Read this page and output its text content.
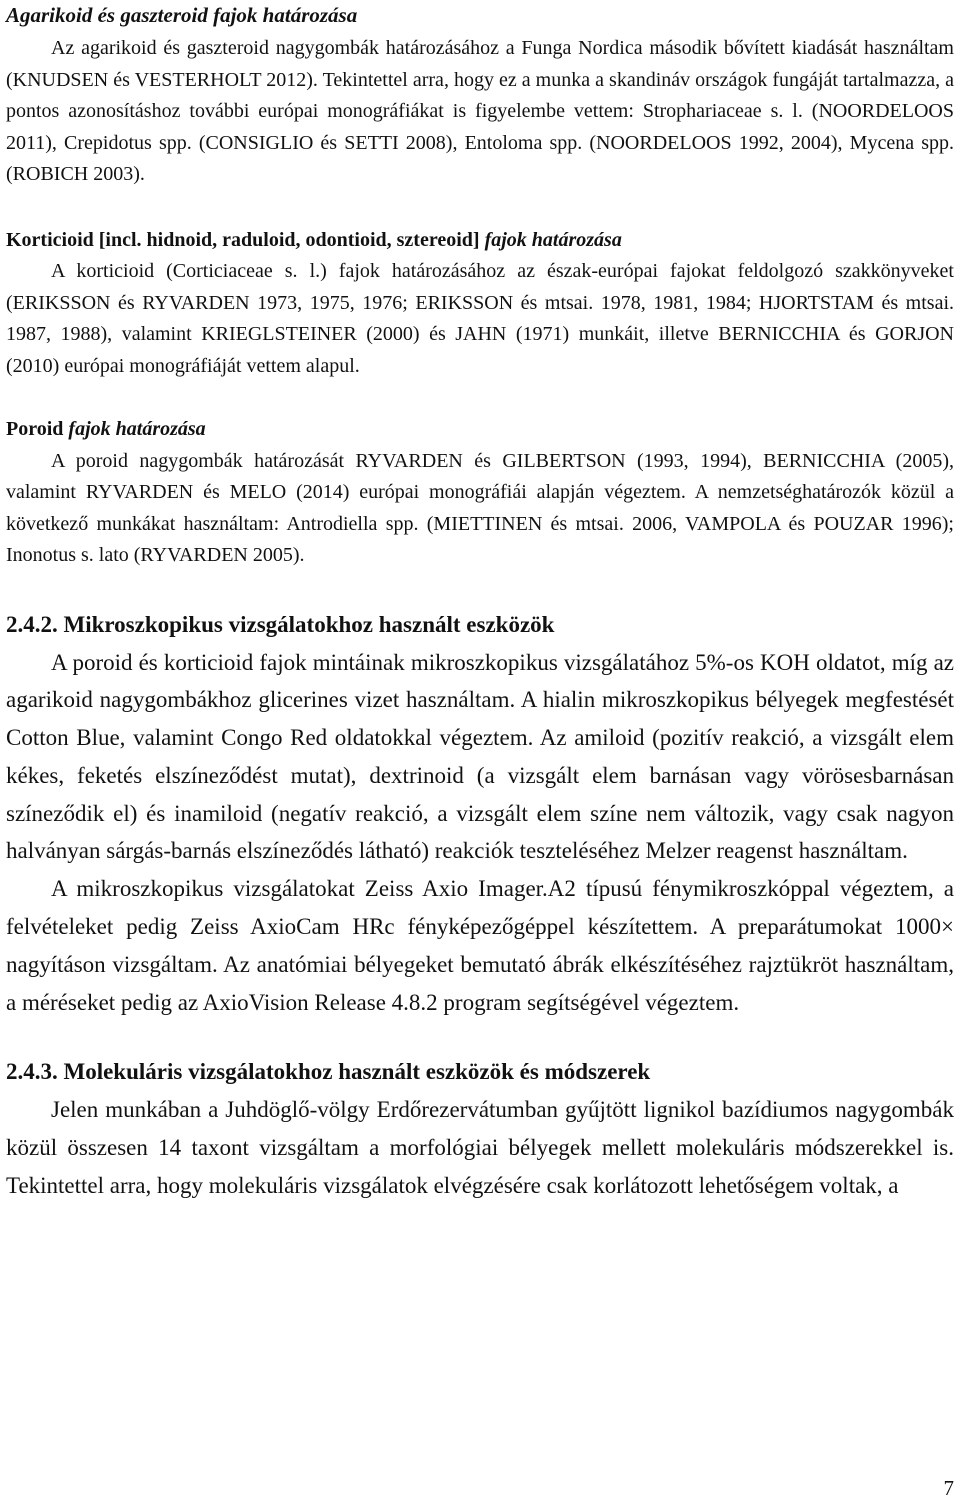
Agarikoid és gaszteroid fajok határozása

Az agarikoid és gaszteroid nagygombák határozásához a Funga Nordica második bővített kiadását használtam (KNUDSEN és VESTERHOLT 2012). Tekintettel arra, hogy ez a munka a skandináv országok fungáját tartalmazza, a pontos azonosításhoz további európai monográfiákat is figyelembe vettem: Strophariaceae s. l. (NOORDELOOS 2011), Crepidotus spp. (CONSIGLIO és SETTI 2008), Entoloma spp. (NOORDELOOS 1992, 2004), Mycena spp. (ROBICH 2003).

Korticioid [incl. hidnoid, raduloid, odontioid, sztereoid] fajok határozása

A korticioid (Corticiaceae s. l.) fajok határozásához az észak-európai fajokat feldolgozó szakkönyveket (ERIKSSON és RYVARDEN 1973, 1975, 1976; ERIKSSON és mtsai. 1978, 1981, 1984; HJORTSTAM és mtsai. 1987, 1988), valamint KRIEGLSTEINER (2000) és JAHN (1971) munkáit, illetve BERNICCHIA és GORJON (2010) európai monográfiáját vettem alapul.

Poroid fajok határozása

A poroid nagygombák határozását RYVARDEN és GILBERTSON (1993, 1994), BERNICCHIA (2005), valamint RYVARDEN és MELO (2014) európai monográfiái alapján végeztem. A nemzetséghatározók közül a következő munkákat használtam: Antrodiella spp. (MIETTINEN és mtsai. 2006, VAMPOLA és POUZAR 1996); Inonotus s. lato (RYVARDEN 2005).

2.4.2. Mikroszkopikus vizsgálatokhoz használt eszközök

A poroid és korticioid fajok mintáinak mikroszkopikus vizsgálatához 5%-os KOH oldatot, míg az agarikoid nagygombákhoz glicerines vizet használtam. A hialin mikroszkopikus bélyegek megfestését Cotton Blue, valamint Congo Red oldatokkal végeztem. Az amiloid (pozitív reakció, a vizsgált elem kékes, feketés elszíneződést mutat), dextrinoid (a vizsgált elem barnásan vagy vörösesbarnásan színeződik el) és inamiloid (negatív reakció, a vizsgált elem színe nem változik, vagy csak nagyon halványan sárgás-barnás elszíneződés látható) reakciók teszteléséhez Melzer reagenst használtam.

A mikroszkopikus vizsgálatokat Zeiss Axio Imager.A2 típusú fénymikroszkóppal végeztem, a felvételeket pedig Zeiss AxioCam HRc fényképezőgéppel készítettem. A preparátumokat 1000× nagyításon vizsgáltam. Az anatómiai bélyegeket bemutató ábrák elkészítéséhez rajztükröt használtam, a méréseket pedig az AxioVision Release 4.8.2 program segítségével végeztem.

2.4.3. Molekuláris vizsgálatokhoz használt eszközök és módszerek

Jelen munkában a Juhdöglő-völgy Erdőrezervátumban gyűjtött lignikol bazídiumos nagygombák közül összesen 14 taxont vizsgáltam a morfológiai bélyegek mellett molekuláris módszerekkel is. Tekintettel arra, hogy molekuláris vizsgálatok elvégzésére csak korlátozott lehetőségem voltak, a

7
